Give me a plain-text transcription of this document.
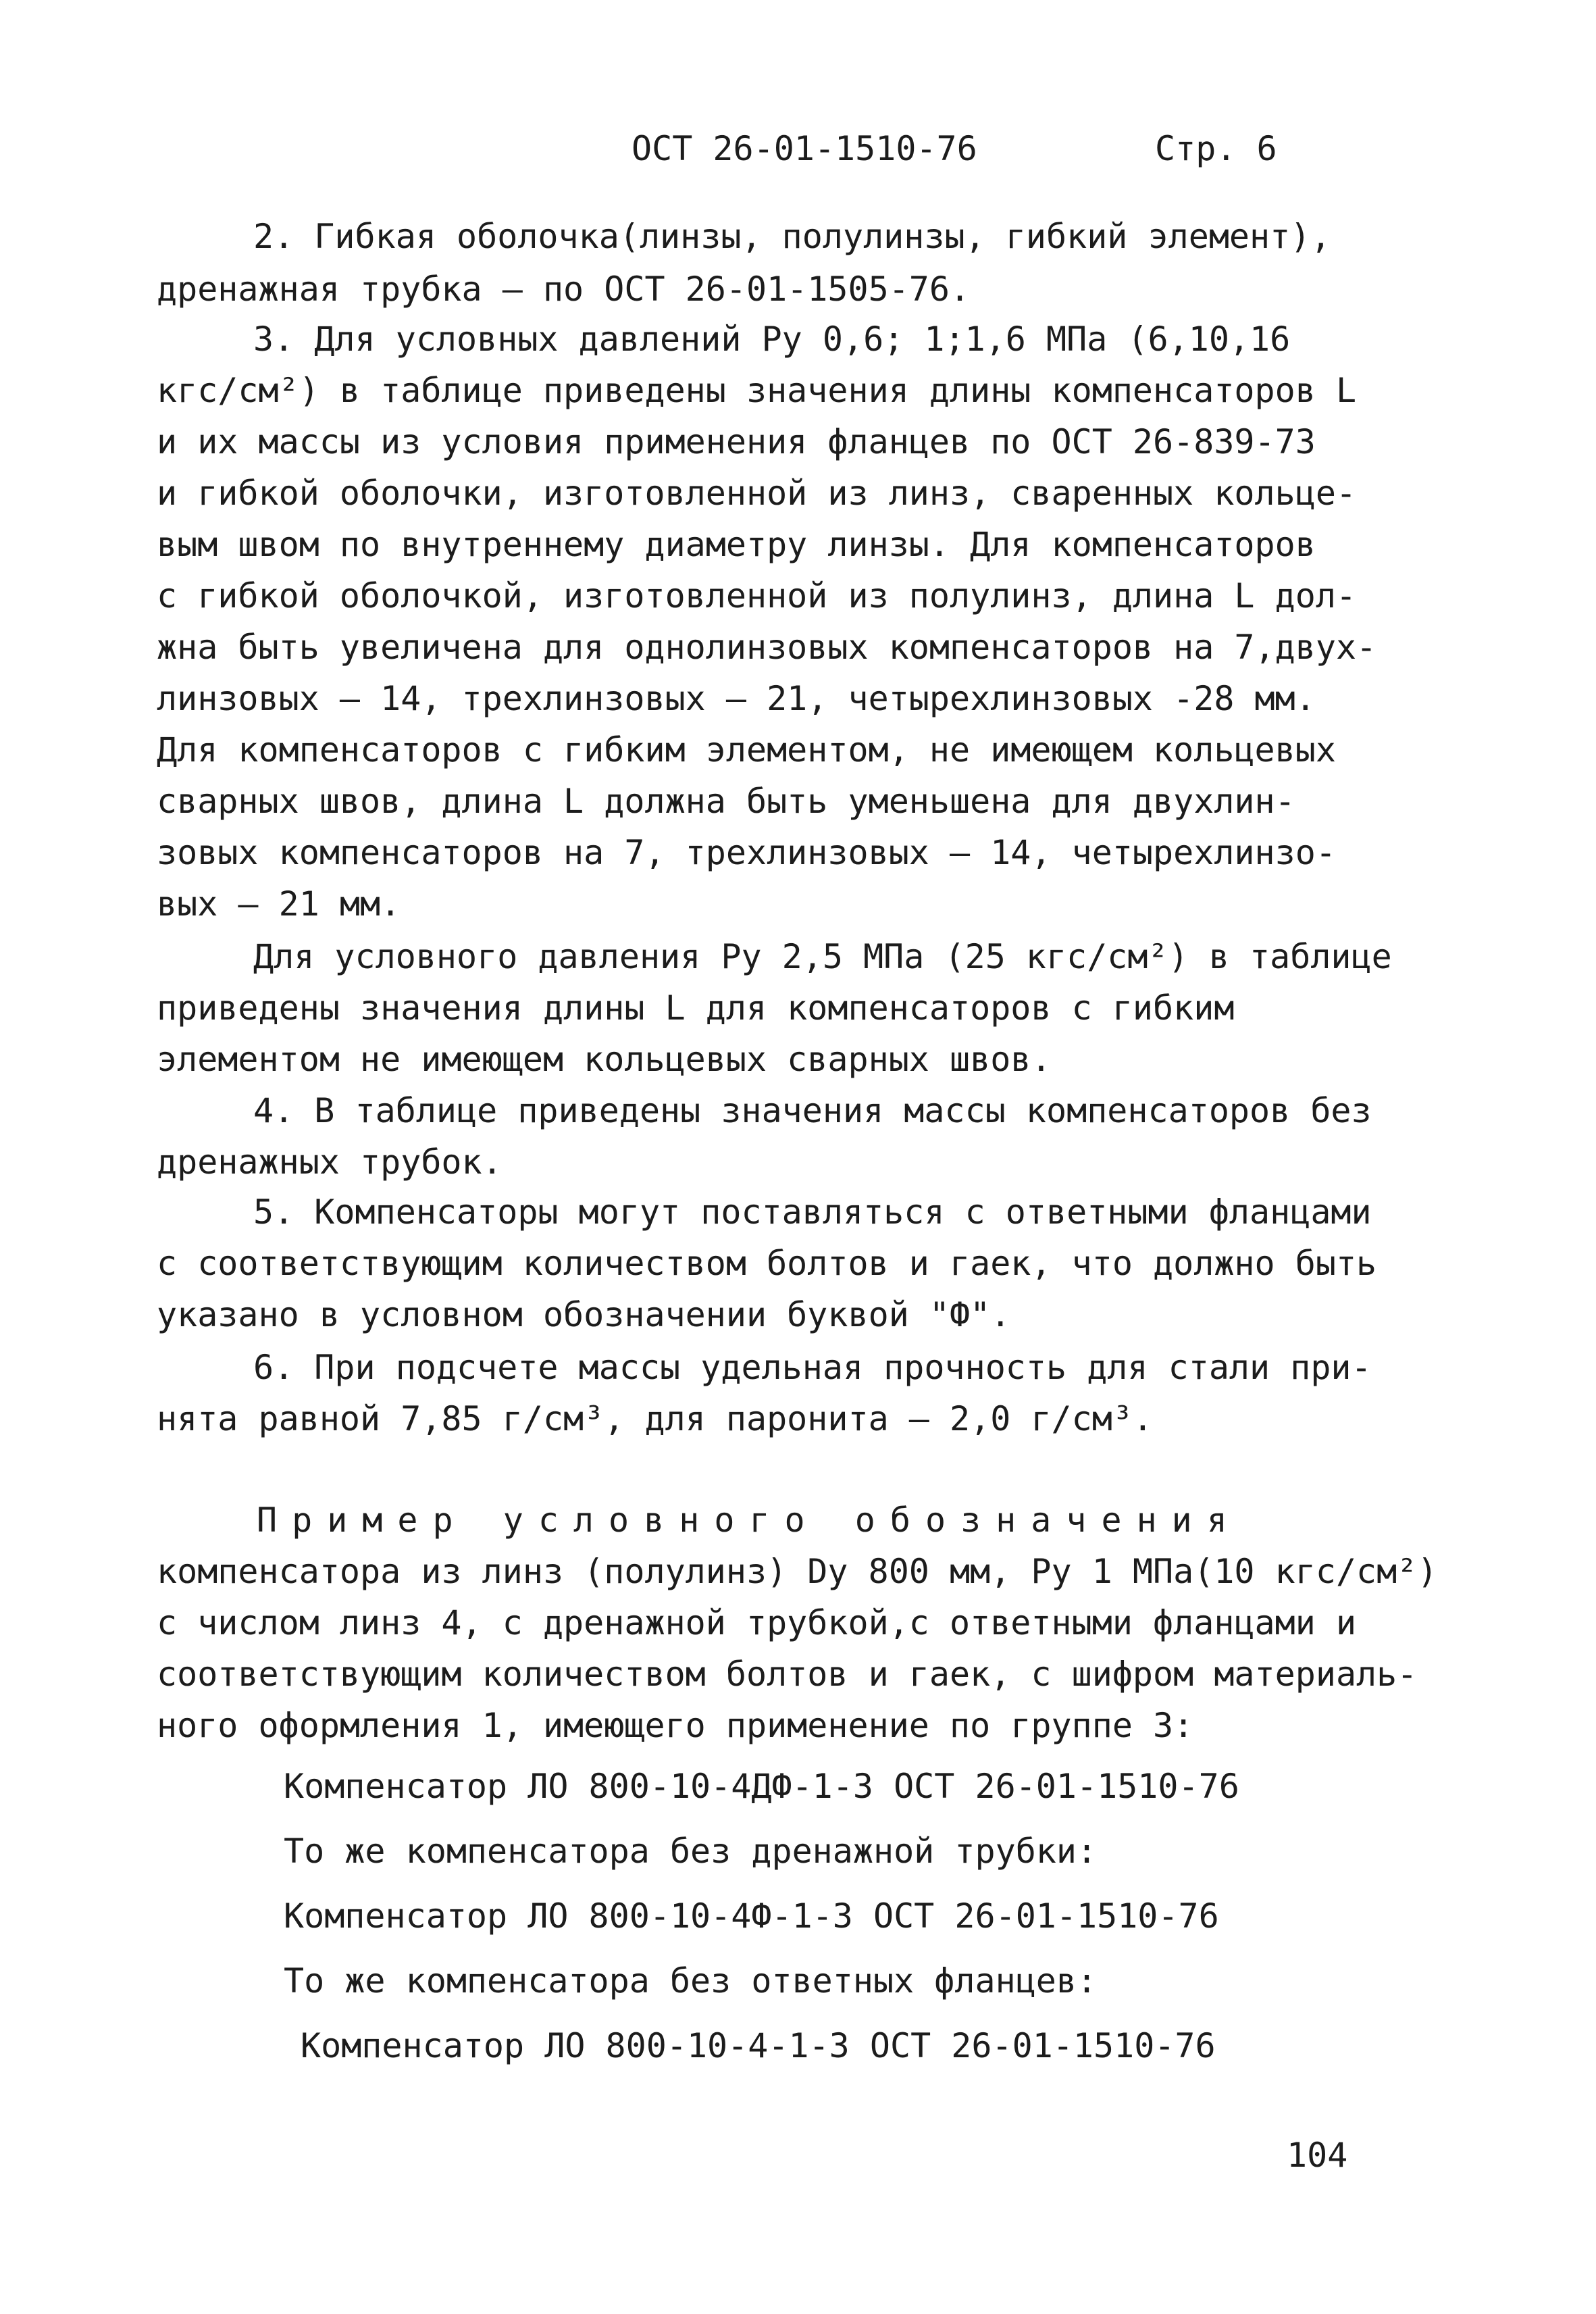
ОСТ 26-01-1510-76	Стр. 6

2. Гибкая оболочка(линзы, полулинзы, гибкий элемент),

дренажная трубка – по ОСТ 26-01-1505-76.

3. Для условных давлений Pу 0,6; 1;1,6 МПа (6,10,16

кгс/см²) в таблице приведены значения длины компенсаторов L

и их массы из условия применения фланцев по ОСТ 26-839-73

и гибкой оболочки, изготовленной из линз, сваренных кольце-

вым швом по внутреннему диаметру линзы. Для компенсаторов

с гибкой оболочкой, изготовленной из полулинз, длина L дол-

жна быть увеличена для однолинзовых компенсаторов на 7,двух-

линзовых – 14, трехлинзовых – 21, четырехлинзовых -28 мм.

Для компенсаторов с гибким элементом, не имеющем кольцевых

сварных швов, длина L должна быть уменьшена для двухлин-

зовых компенсаторов на 7, трехлинзовых – 14, четырехлинзо-

вых – 21 мм.

Для условного давления Pу 2,5 МПа (25 кгс/см²) в таблице

приведены значения длины L для компенсаторов с гибким

элементом не имеющем кольцевых сварных швов.

4. В таблице приведены значения массы компенсаторов без

дренажных трубок.

5. Компенсаторы могут поставляться с ответными фланцами

с соответствующим количеством болтов и гаек, что должно быть

указано в условном обозначении буквой "Ф".

6. При подсчете массы удельная прочность для стали при-

нята равной 7,85 г/см³, для паронита – 2,0 г/см³.

Пример условного обозначения

компенсатора из линз (полулинз) Dу 800 мм, Pу 1 МПа(10 кгс/см²)

с числом линз 4, с дренажной трубкой,с ответными фланцами и

соответствующим количеством болтов и гаек, с шифром материаль-

ного оформления 1, имеющего применение по группе 3:

Компенсатор ЛО 800-10-4ДФ-1-3 ОСТ 26-01-1510-76

То же компенсатора без дренажной трубки:

Компенсатор ЛО 800-10-4Ф-1-3 ОСТ 26-01-1510-76

То же компенсатора без ответных фланцев:

Компенсатор ЛО 800-10-4-1-3 ОСТ 26-01-1510-76

104
